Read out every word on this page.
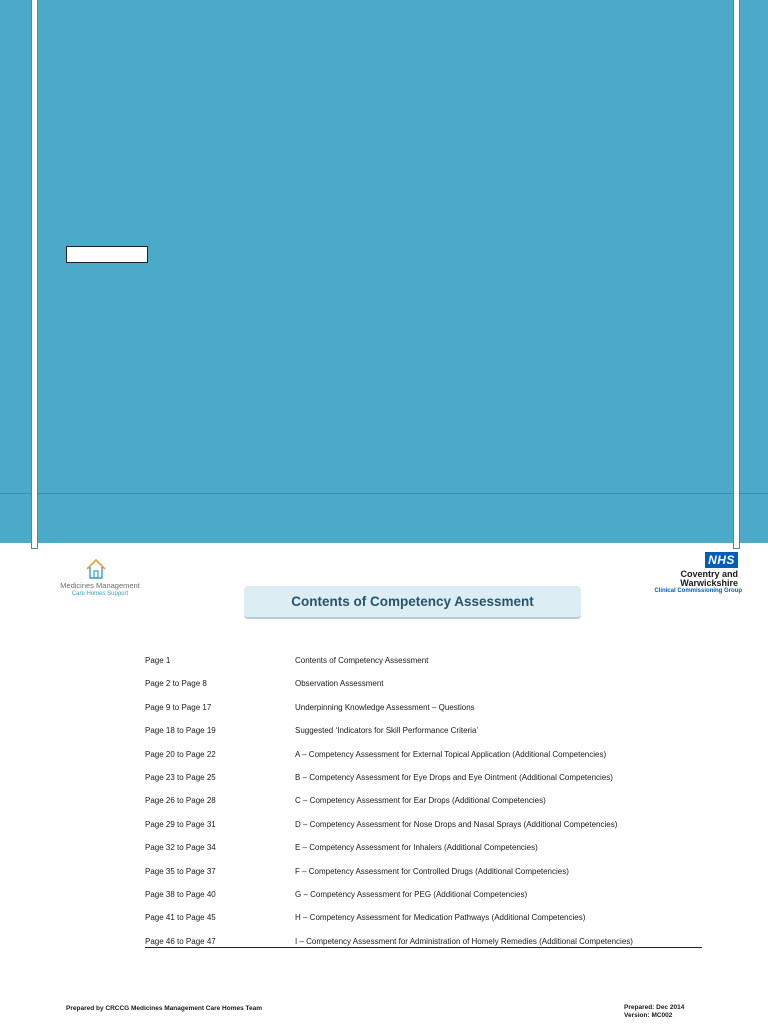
Medicines Management
Care Homes Support
NHS
Coventry and
Warwickshire
Clinical Commissioning Group
Contents of Competency Assessment
Page 1	Contents of Competency Assessment
Page 2 to Page 8	Observation Assessment
Page 9 to Page 17	Underpinning Knowledge Assessment – Questions
Page 18 to Page 19	Suggested ‘Indicators for Skill Performance Criteria’
Page 20 to Page 22	A – Competency Assessment for External Topical Application (Additional Competencies)
Page 23 to Page 25	B – Competency Assessment for Eye Drops and Eye Ointment (Additional Competencies)
Page 26 to Page 28	C – Competency Assessment for Ear Drops (Additional Competencies)
Page 29 to Page 31	D – Competency Assessment for Nose Drops and Nasal Sprays (Additional Competencies)
Page 32 to Page 34	E – Competency Assessment for Inhalers (Additional Competencies)
Page 35 to Page 37	F – Competency Assessment for Controlled Drugs (Additional Competencies)
Page 38 to Page 40	G – Competency Assessment for PEG (Additional Competencies)
Page 41 to Page 45	H – Competency Assessment for Medication Pathways (Additional Competencies)
Page 46 to Page 47	I – Competency Assessment for Administration of Homely Remedies (Additional Competencies)
Prepared by CRCCG Medicines Management Care Homes Team	Prepared: Dec 2014
Version: MC002
